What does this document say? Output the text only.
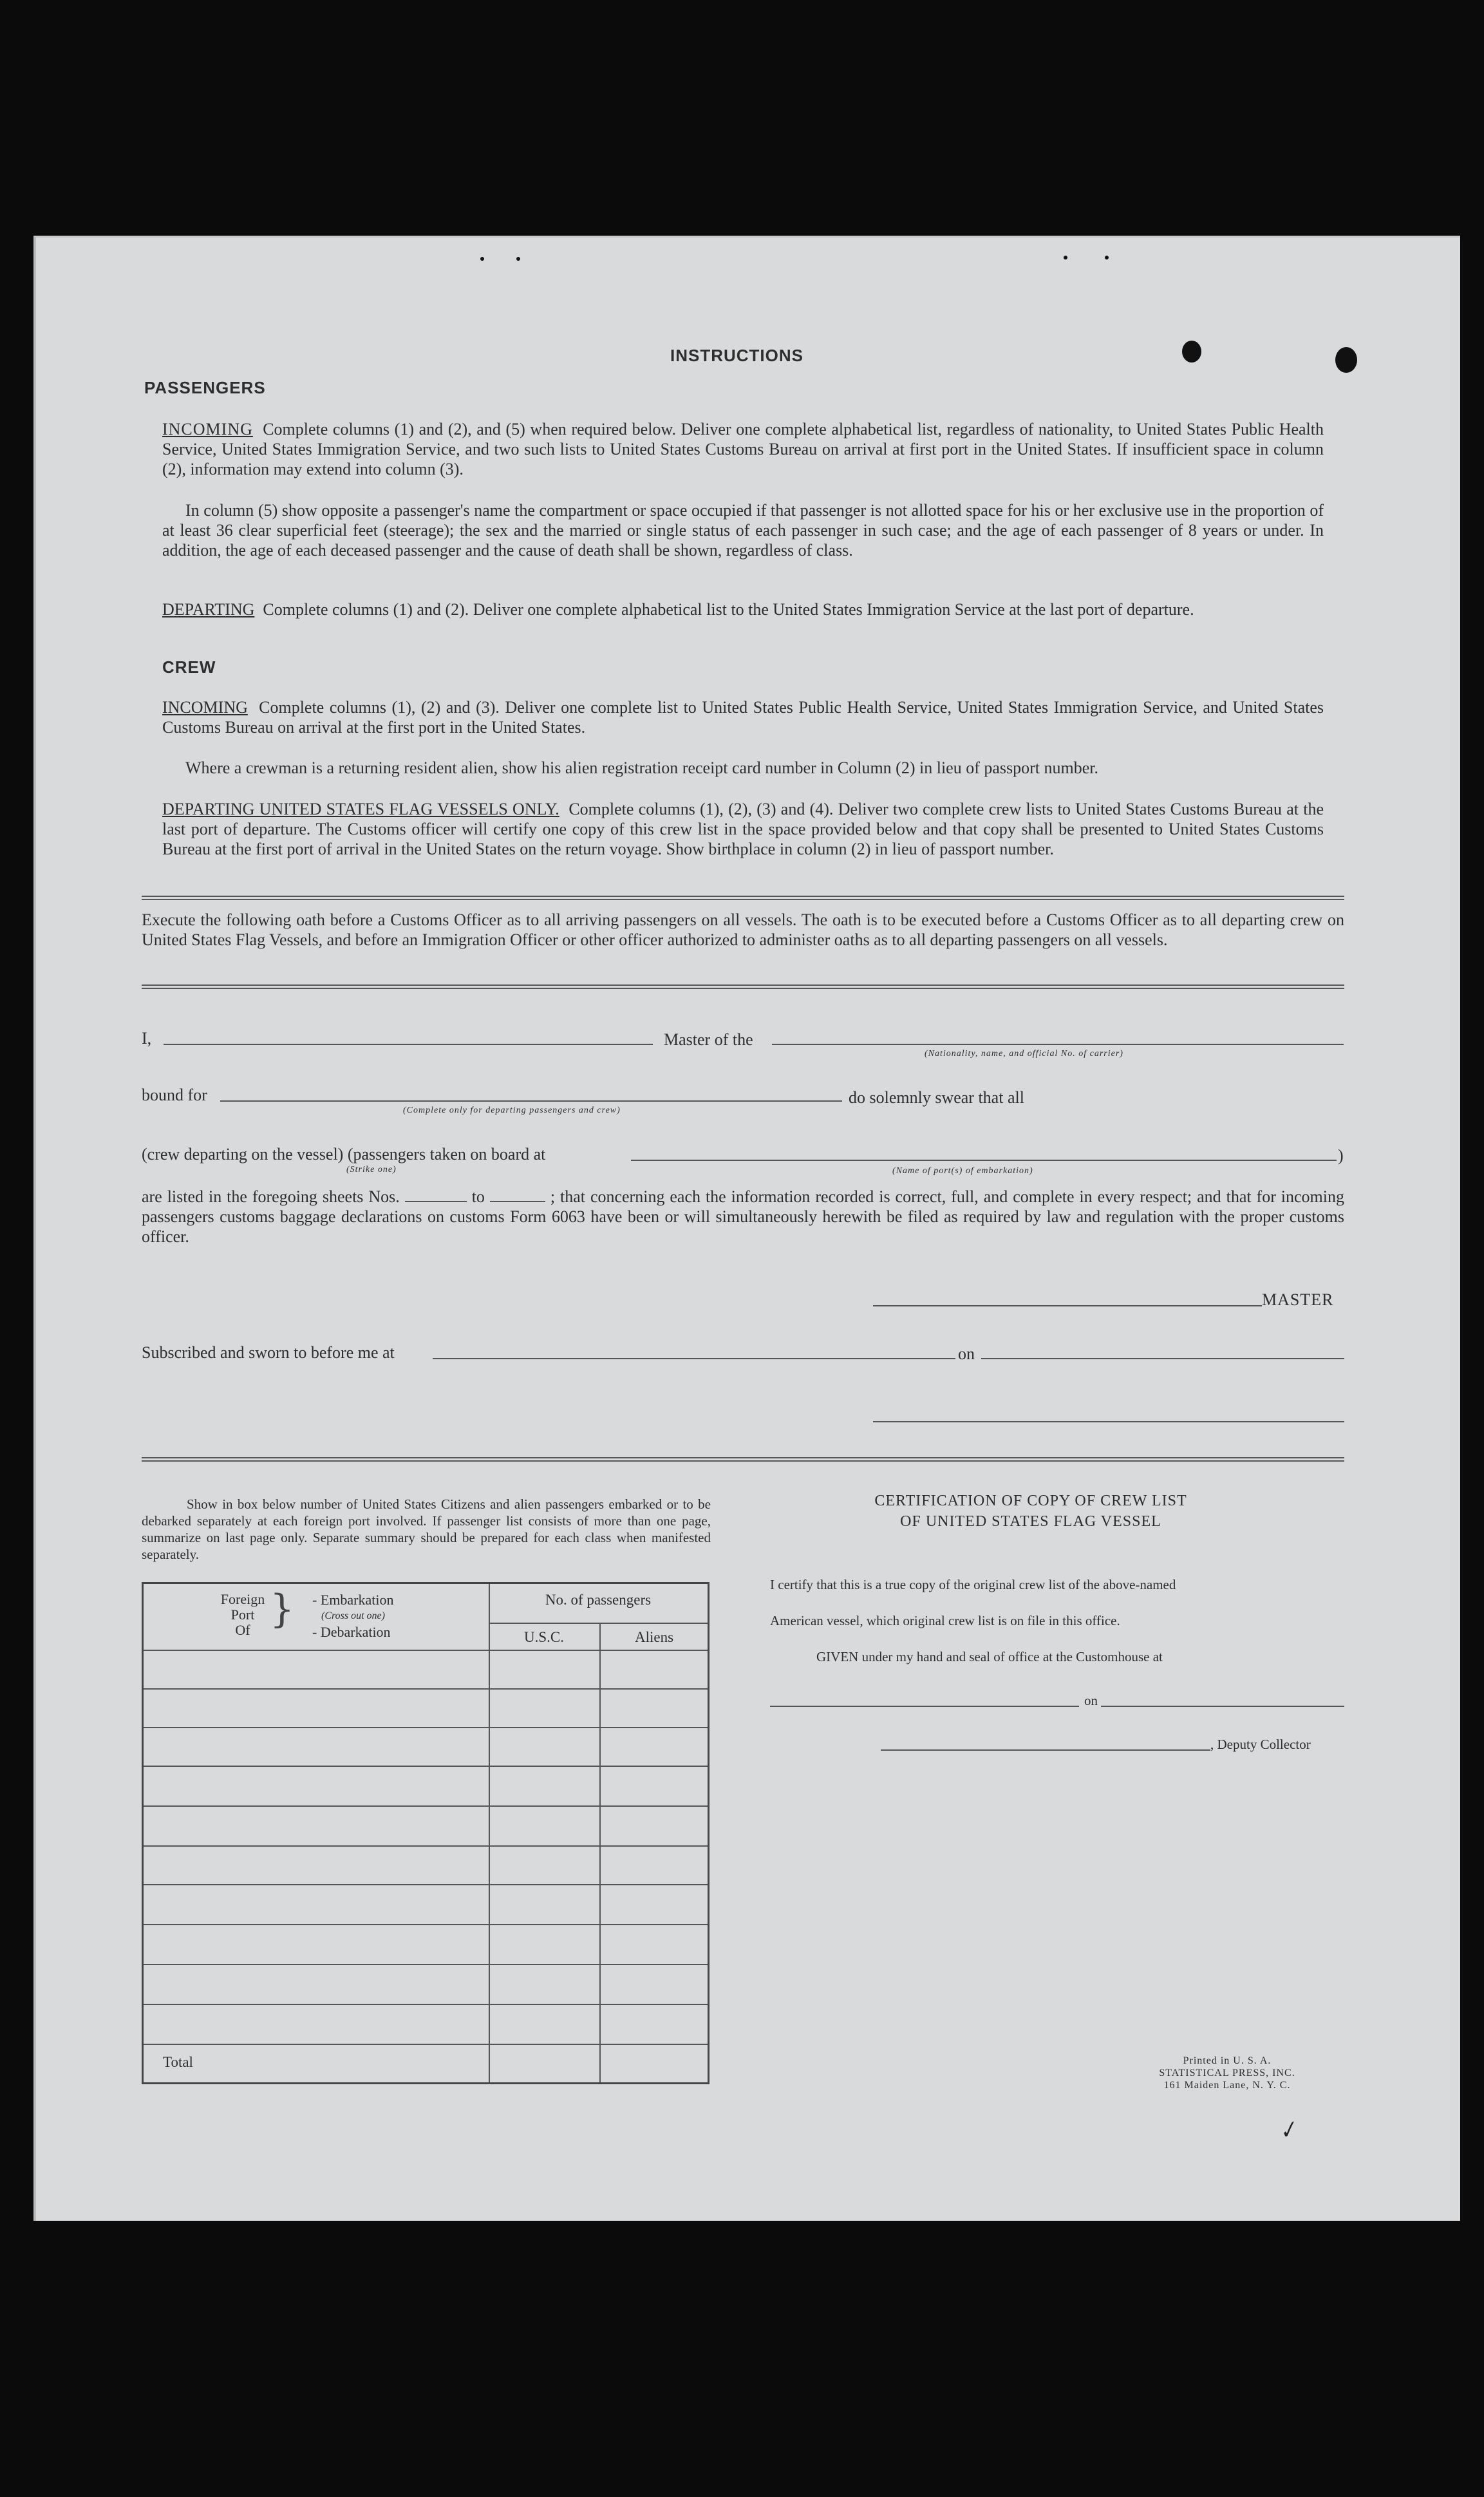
INSTRUCTIONS
PASSENGERS
INCOMING Complete columns (1) and (2), and (5) when required below. Deliver one complete alphabetical list, regardless of nationality, to United States Public Health Service, United States Immigration Service, and two such lists to United States Customs Bureau on arrival at first port in the United States. If insufficient space in column (2), information may extend into column (3).
In column (5) show opposite a passenger's name the compartment or space occupied if that passenger is not allotted space for his or her exclusive use in the proportion of at least 36 clear superficial feet (steerage); the sex and the married or single status of each passenger in such case; and the age of each passenger of 8 years or under. In addition, the age of each deceased passenger and the cause of death shall be shown, regardless of class.
DEPARTING Complete columns (1) and (2). Deliver one complete alphabetical list to the United States Immigration Service at the last port of departure.
CREW
INCOMING Complete columns (1), (2) and (3). Deliver one complete list to United States Public Health Service, United States Immigration Service, and United States Customs Bureau on arrival at the first port in the United States.
Where a crewman is a returning resident alien, show his alien registration receipt card number in Column (2) in lieu of passport number.
DEPARTING UNITED STATES FLAG VESSELS ONLY. Complete columns (1), (2), (3) and (4). Deliver two complete crew lists to United States Customs Bureau at the last port of departure. The Customs officer will certify one copy of this crew list in the space provided below and that copy shall be presented to United States Customs Bureau at the first port of arrival in the United States on the return voyage. Show birthplace in column (2) in lieu of passport number.
Execute the following oath before a Customs Officer as to all arriving passengers on all vessels. The oath is to be executed before a Customs Officer as to all departing crew on United States Flag Vessels, and before an Immigration Officer or other officer authorized to administer oaths as to all departing passengers on all vessels.
I,	Master of the
(Nationality, name, and official No. of carrier)
bound for
(Complete only for departing passengers and crew)
do solemnly swear that all
(crew departing on the vessel) (passengers taken on board at	)
(Strike one)	(Name of port(s) of embarkation)
are listed in the foregoing sheets Nos.	to	; that concerning each the information recorded is correct, full, and complete in every respect; and that for incoming passengers customs baggage declarations on customs Form 6063 have been or will simultaneously herewith be filed as required by law and regulation with the proper customs officer.
MASTER
Subscribed and sworn to before me at	on
Show in box below number of United States Citizens and alien passengers embarked or to be debarked separately at each foreign port involved. If passenger list consists of more than one page, summarize on last page only. Separate summary should be prepared for each class when manifested separately.
Foreign
Port
Of } - Embarkation
(Cross out one)
- Debarkation
No. of passengers
U.S.C.	Aliens
Total
CERTIFICATION OF COPY OF CREW LIST
OF UNITED STATES FLAG VESSEL
I certify that this is a true copy of the original crew list of the above-named
American vessel, which original crew list is on file in this office.
GIVEN under my hand and seal of office at the Customhouse at
on
, Deputy Collector
Printed in U. S. A.
STATISTICAL PRESS, INC.
161 Maiden Lane, N. Y. C.
✓
